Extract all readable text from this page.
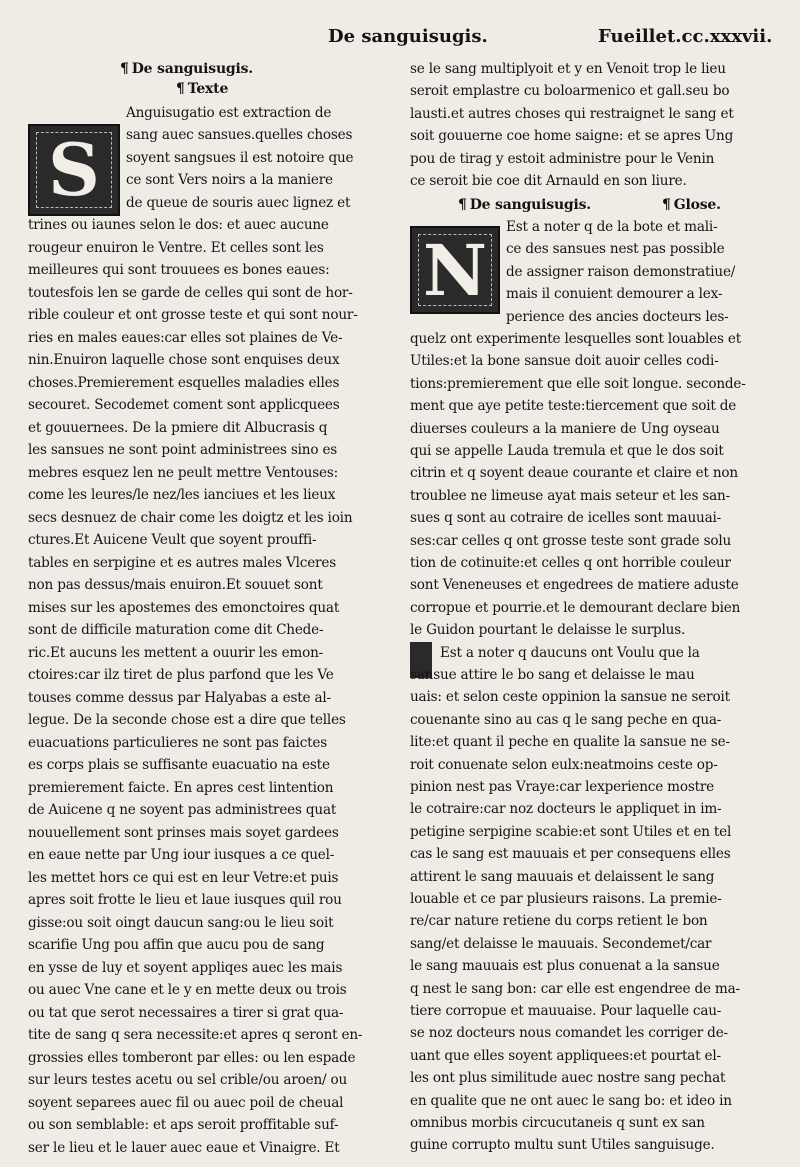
De sanguisugis.	Fueillet.cc.xxxvii.
¶ De sanguisugis.
¶ Texte
S
Anguisugatio est extraction de
sang auec sansues.quelles choses
soyent sangsues il est notoire que
ce sont Vers noirs a la maniere
de queue de souris auec lignez et
trines ou iaunes selon le dos: et auec aucune
rougeur enuiron le Ventre. Et celles sont les
meilleures qui sont trouuees es bones eaues:
toutesfois len se garde de celles qui sont de hor-
rible couleur et ont grosse teste et qui sont nour-
ries en males eaues:car elles sot plaines de Ve-
nin.Enuiron laquelle chose sont enquises deux
choses.Premierement esquelles maladies elles
secouret. Secodemet coment sont applicquees
et gouuernees. De la pmiere dit Albucrasis q
les sansues ne sont point administrees sino es
mebres esquez len ne peult mettre Ventouses:
come les leures/le nez/les ianciues et les lieux
secs desnuez de chair come les doigtz et les ioin
ctures.Et Auicene Veult que soyent prouffi-
tables en serpigine et es autres males Vlceres
non pas dessus/mais enuiron.Et souuet sont
mises sur les apostemes des emonctoires quat
sont de difficile maturation come dit Chede-
ric.Et aucuns les mettent a ouurir les emon-
ctoires:car ilz tiret de plus parfond que les Ve
touses comme dessus par Halyabas a este al-
legue. De la seconde chose est a dire que telles
euacuations particulieres ne sont pas faictes
es corps plais se suffisante euacuatio na este
premierement faicte. En apres cest lintention
de Auicene q ne soyent pas administrees quat
nouuellement sont prinses mais soyet gardees
en eaue nette par Ung iour iusques a ce quel-
les mettet hors ce qui est en leur Vetre:et puis
apres soit frotte le lieu et laue iusques quil rou
gisse:ou soit oingt daucun sang:ou le lieu soit
scarifie Ung pou affin que aucu pou de sang
en ysse de luy et soyent appliqes auec les mais
ou auec Vne cane et le y en mette deux ou trois
ou tat que serot necessaires a tirer si grat qua-
tite de sang q sera necessite:et apres q seront en-
grossies elles tomberont par elles: ou len espade
sur leurs testes acetu ou sel crible/ou aroen/ ou
soyent separees auec fil ou auec poil de cheual
ou son semblable: et aps seroit proffitable suf-
ser le lieu et le lauer auec eaue et Vinaigre. Et
se le sang multiplyoit et y en Venoit trop le lieu
seroit emplastre cu boloarmenico et gall.seu bo
lausti.et autres choses qui restraignet le sang et
soit gouuerne coe home saigne: et se apres Ung
pou de tirag y estoit administre pour le Venin
ce seroit bie coe dit Arnauld en son liure.
¶ De sanguisugis.	¶ Glose.
N
Est a noter q de la bote et mali-
ce des sansues nest pas possible
de assigner raison demonstratiue/
mais il conuient demourer a lex-
perience des ancies docteurs les-
quelz ont experimente lesquelles sont louables et
Utiles:et la bone sansue doit auoir celles codi-
tions:premierement que elle soit longue. seconde-
ment que aye petite teste:tiercement que soit de
diuerses couleurs a la maniere de Ung oyseau
qui se appelle Lauda tremula et que le dos soit
citrin et q soyent deaue courante et claire et non
troublee ne limeuse ayat mais seteur et les san-
sues q sont au cotraire de icelles sont mauuai-
ses:car celles q ont grosse teste sont grade solu
tion de cotinuite:et celles q ont horrible couleur
sont Veneneuses et engedrees de matiere aduste
corropue et pourrie.et le demourant declare bien
le Guidon pourtant le delaisse le surplus.
Est a noter q daucuns ont Voulu que la
sansue attire le bo sang et delaisse le mau
uais: et selon ceste oppinion la sansue ne seroit
couenante sino au cas q le sang peche en qua-
lite:et quant il peche en qualite la sansue ne se-
roit conuenate selon eulx:neatmoins ceste op-
pinion nest pas Vraye:car lexperience mostre
le cotraire:car noz docteurs le appliquet in im-
petigine serpigine scabie:et sont Utiles et en tel
cas le sang est mauuais et per consequens elles
attirent le sang mauuais et delaissent le sang
louable et ce par plusieurs raisons. La premie-
re/car nature retiene du corps retient le bon
sang/et delaisse le mauuais. Secondemet/car
le sang mauuais est plus conuenat a la sansue
q nest le sang bon: car elle est engendree de ma-
tiere corropue et mauuaise. Pour laquelle cau-
se noz docteurs nous comandet les corriger de-
uant que elles soyent appliquees:et pourtat el-
les ont plus similitude auec nostre sang pechat
en qualite que ne ont auec le sang bo: et ideo in
omnibus morbis circucutaneis q sunt ex san
guine corrupto multu sunt Utiles sanguisuge.
